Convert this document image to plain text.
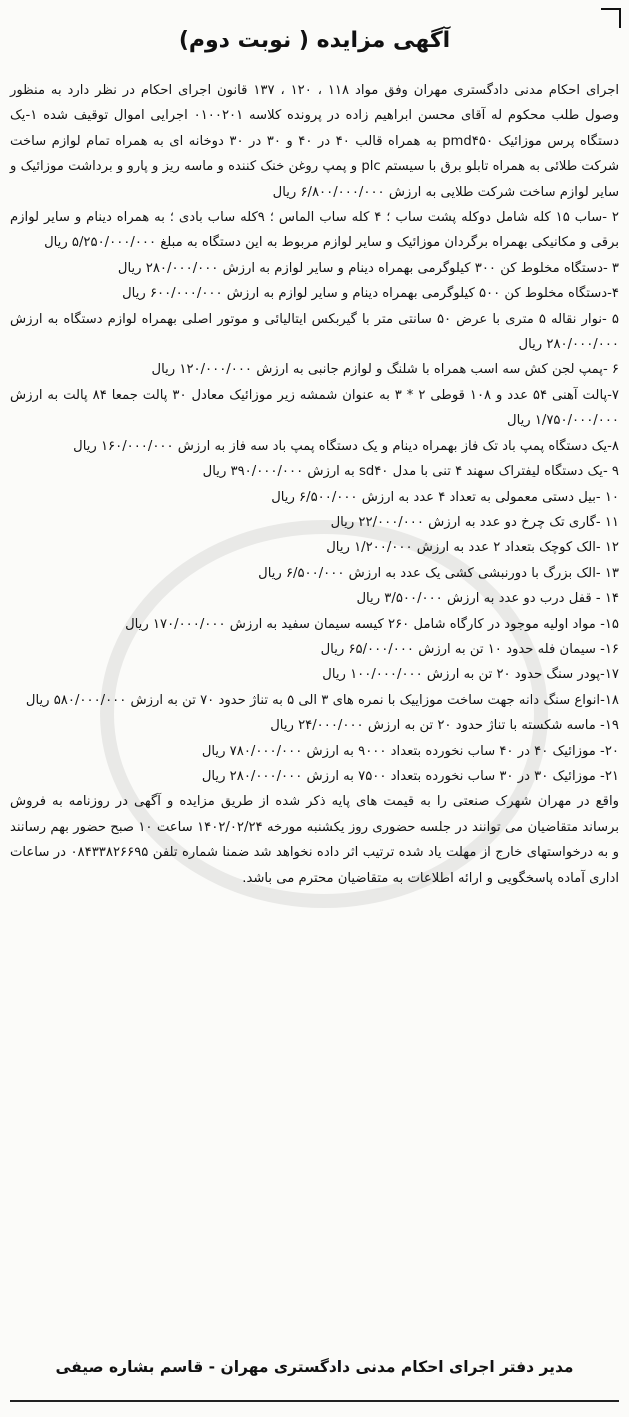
آگهی مزایده ( نوبت دوم)

اجرای احکام مدنی دادگستری مهران وفق مواد ۱۱۸ ، ۱۲۰ ، ۱۳۷ قانون اجرای احکام در نظر دارد به منظور وصول طلب محکوم له آقای محسن ابراهیم زاده در پرونده کلاسه ۰۱۰۰۲۰۱ اجرایی اموال توقیف شده ۱-یک دستگاه پرس موزائیک pmd۴۵۰ به همراه قالب ۴۰ در ۴۰ و ۳۰ در ۳۰ دوخانه ای به همراه تمام لوازم ساخت شرکت طلائی به همراه تابلو برق با سیستم plc و پمپ روغن خنک کننده و ماسه ریز و پارو و برداشت موزائیک و سایر لوازم ساخت شرکت طلایی به ارزش ۶/۸۰۰/۰۰۰/۰۰۰ ریال

۲ -ساب ۱۵ کله شامل دوکله پشت ساب ؛ ۴ کله ساب الماس ؛ ۹کله ساب بادی ؛ به همراه دینام و سایر لوازم برقی و مکانیکی بهمراه برگردان موزائیک و سایر لوازم مربوط به این دستگاه به مبلغ ۵/۲۵۰/۰۰۰/۰۰۰ ریال

۳ -دستگاه مخلوط کن ۳۰۰ کیلوگرمی بهمراه دینام و سایر لوازم به ارزش ۲۸۰/۰۰۰/۰۰۰ ریال

۴-دستگاه مخلوط کن ۵۰۰ کیلوگرمی بهمراه دینام و سایر لوازم به ارزش ۶۰۰/۰۰۰/۰۰۰ ریال

۵ -نوار نقاله ۵ متری با عرض ۵۰ سانتی متر با گیربکس ایتالیائی و موتور اصلی بهمراه لوازم دستگاه به ارزش ۲۸۰/۰۰۰/۰۰۰ ریال

۶ -پمپ لجن کش سه اسب همراه با شلنگ و لوازم جانبی به ارزش ۱۲۰/۰۰۰/۰۰۰ ریال

۷-پالت آهنی ۵۴ عدد و ۱۰۸ قوطی ۲ * ۳ به عنوان شمشه زیر موزائیک معادل ۳۰ پالت جمعا ۸۴ پالت به ارزش ۱/۷۵۰/۰۰۰/۰۰۰ ریال

۸-یک دستگاه پمپ باد تک فاز بهمراه دینام و یک دستگاه پمپ باد سه فاز به ارزش ۱۶۰/۰۰۰/۰۰۰ ریال

۹ -یک دستگاه لیفتراک سهند ۴ تنی با مدل sd۴۰ به ارزش ۳۹۰/۰۰۰/۰۰۰ ریال

۱۰ -بیل دستی معمولی به تعداد ۴ عدد به ارزش ۶/۵۰۰/۰۰۰ ریال

۱۱ -گاری تک چرخ دو عدد به ارزش ۲۲/۰۰۰/۰۰۰ ریال

۱۲ -الک کوچک بتعداد ۲ عدد به ارزش ۱/۲۰۰/۰۰۰ ریال

۱۳ -الک بزرگ با دورنبشی کشی یک عدد به ارزش ۶/۵۰۰/۰۰۰ ریال

۱۴ - قفل درب دو عدد به ارزش ۳/۵۰۰/۰۰۰ ریال

۱۵- مواد اولیه موجود در کارگاه شامل ۲۶۰ کیسه سیمان سفید به ارزش ۱۷۰/۰۰۰/۰۰۰ ریال

۱۶- سیمان فله حدود ۱۰ تن به ارزش ۶۵/۰۰۰/۰۰۰ ریال

۱۷-پودر سنگ حدود ۲۰ تن به ارزش ۱۰۰/۰۰۰/۰۰۰ ریال

۱۸-انواع سنگ دانه جهت ساخت موزاییک با نمره های ۳ الی ۵ به تناژ حدود ۷۰ تن به ارزش ۵۸۰/۰۰۰/۰۰۰ ریال

۱۹- ماسه شکسته با تناژ حدود ۲۰ تن به ارزش ۲۴/۰۰۰/۰۰۰ ریال

۲۰- موزائیک ۴۰ در ۴۰ ساب نخورده بتعداد ۹۰۰۰ به ارزش ۷۸۰/۰۰۰/۰۰۰ ریال

۲۱- موزائیک ۳۰ در ۳۰ ساب نخورده بتعداد ۷۵۰۰ به ارزش ۲۸۰/۰۰۰/۰۰۰ ریال

واقع در مهران شهرک صنعتی را به قیمت های پایه ذکر شده از طریق مزایده و آگهی در روزنامه به فروش برساند متقاضیان می توانند در جلسه حضوری روز یکشنبه مورخه ۱۴۰۲/۰۲/۲۴ ساعت ۱۰ صبح حضور بهم رسانند و به درخواستهای خارج از مهلت یاد شده ترتیب اثر داده نخواهد شد ضمنا شماره تلفن ۰۸۴۳۳۸۲۶۶۹۵ در ساعات اداری آماده پاسخگویی و ارائه اطلاعات به متقاضیان محترم می باشد.

مدیر دفتر اجرای احکام مدنی دادگستری مهران - قاسم بشاره صیفی
